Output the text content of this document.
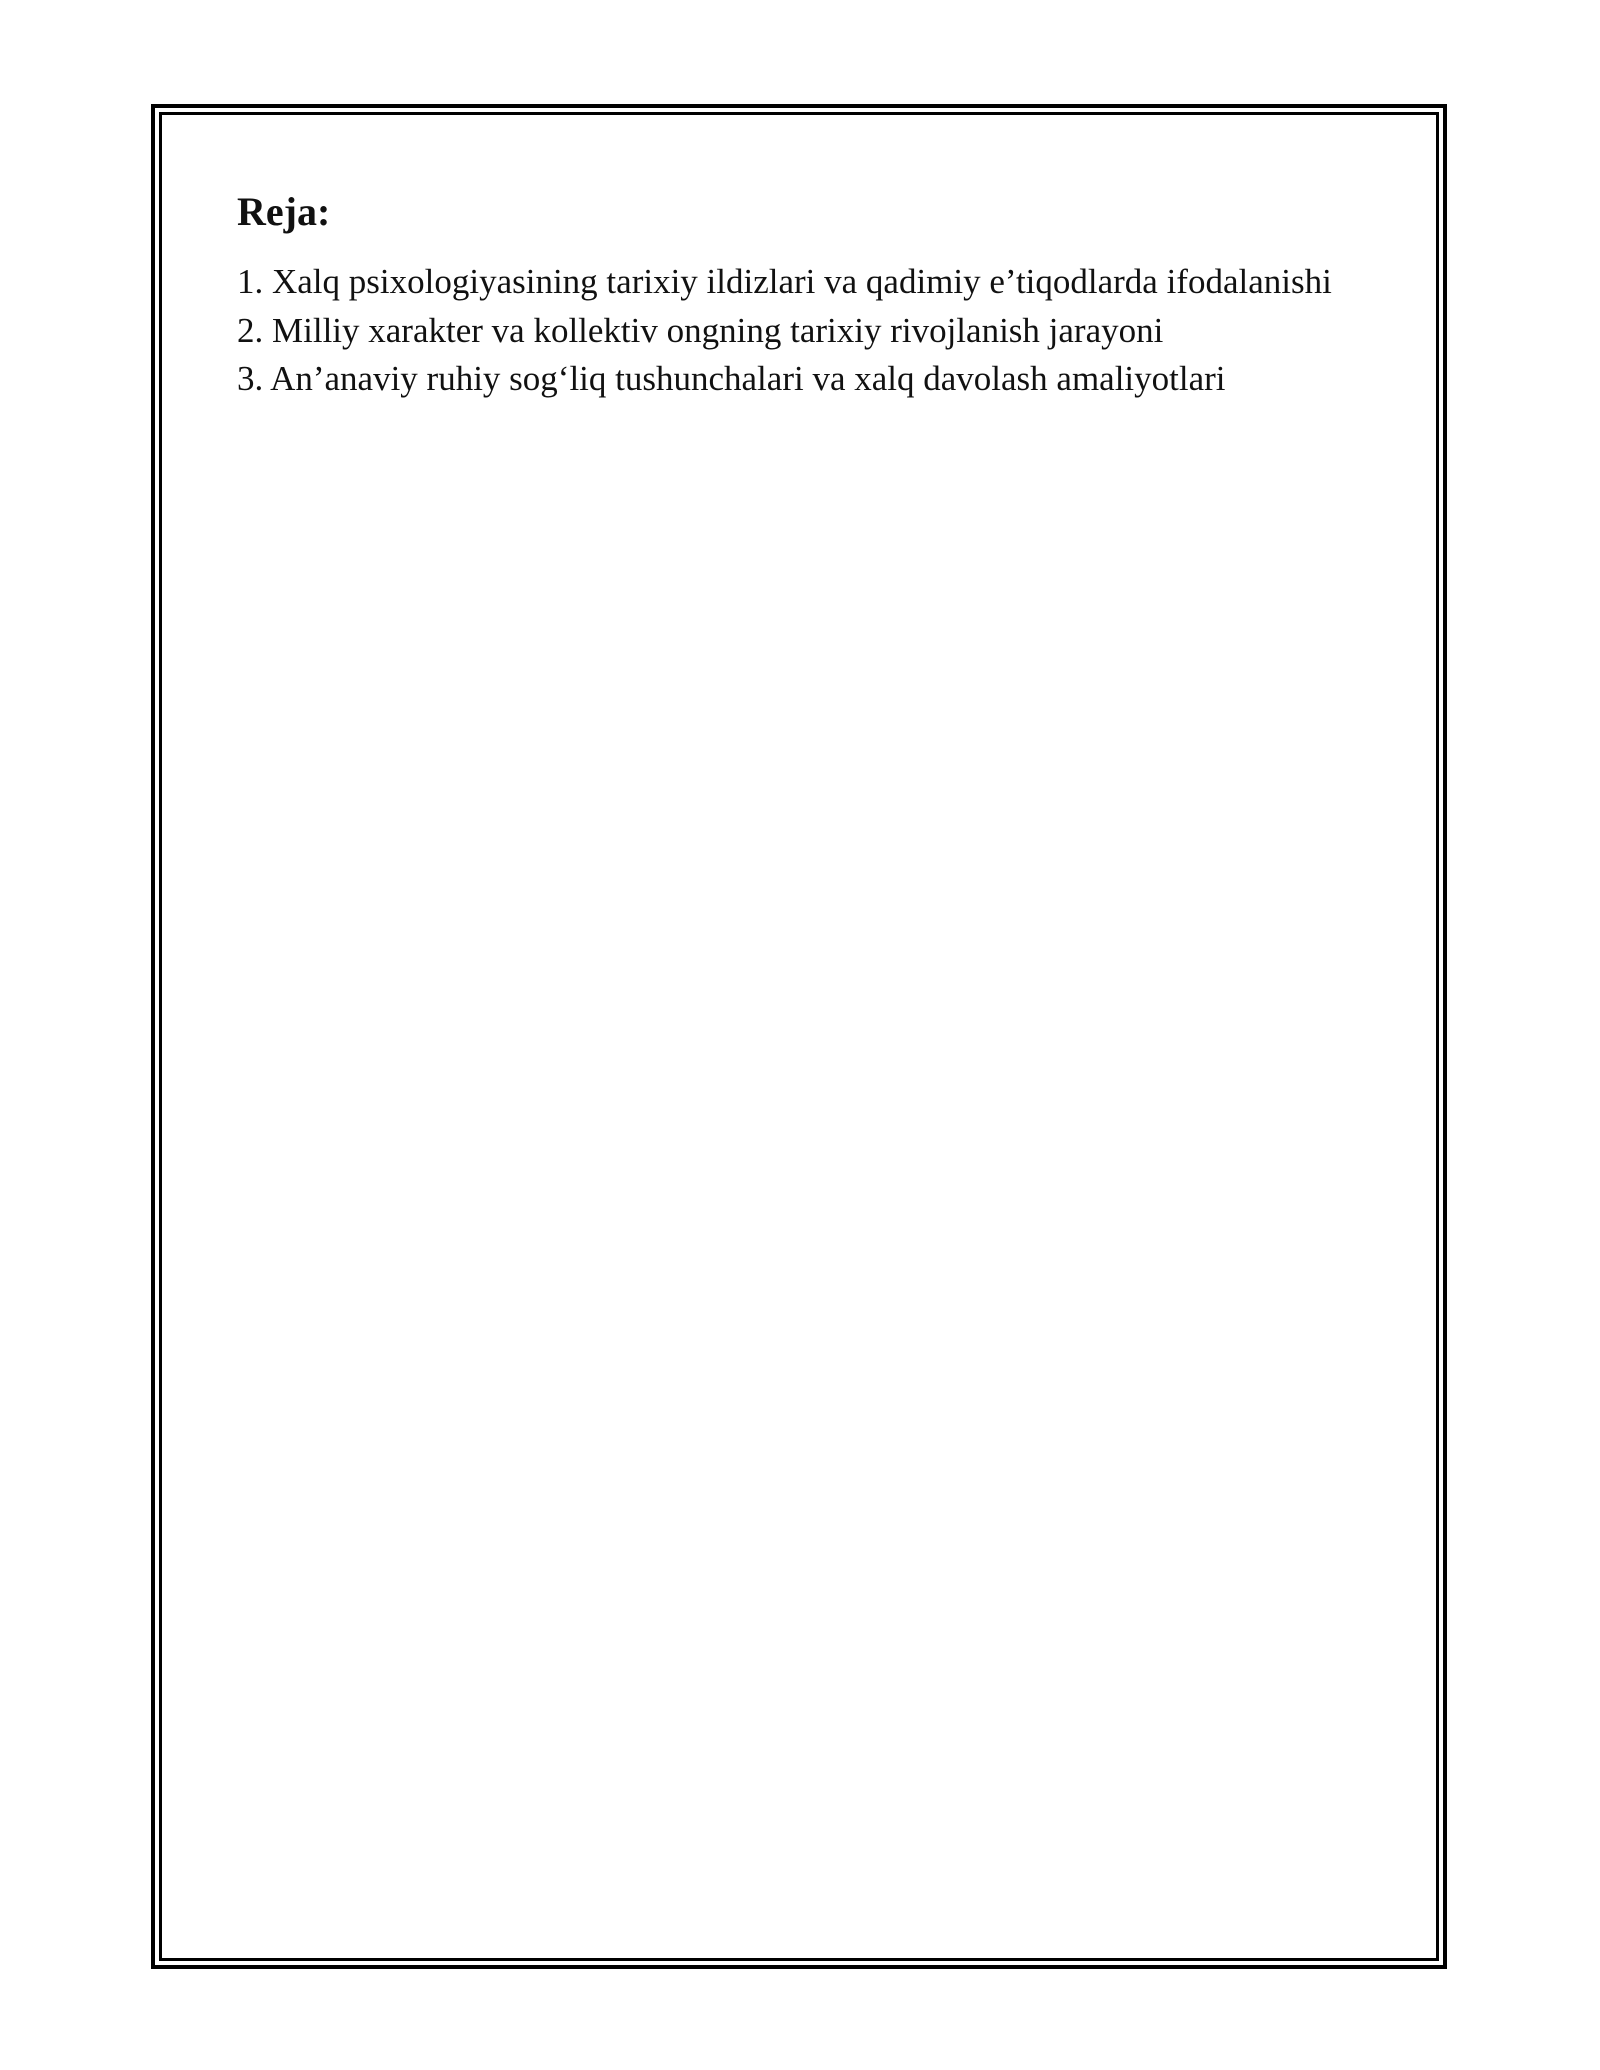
Reja:
1. Xalq psixologiyasining tarixiy ildizlari va qadimiy e’tiqodlarda ifodalanishi
2. Milliy xarakter va kollektiv ongning tarixiy rivojlanish jarayoni
3. An’anaviy ruhiy sog‘liq tushunchalari va xalq davolash amaliyotlari
